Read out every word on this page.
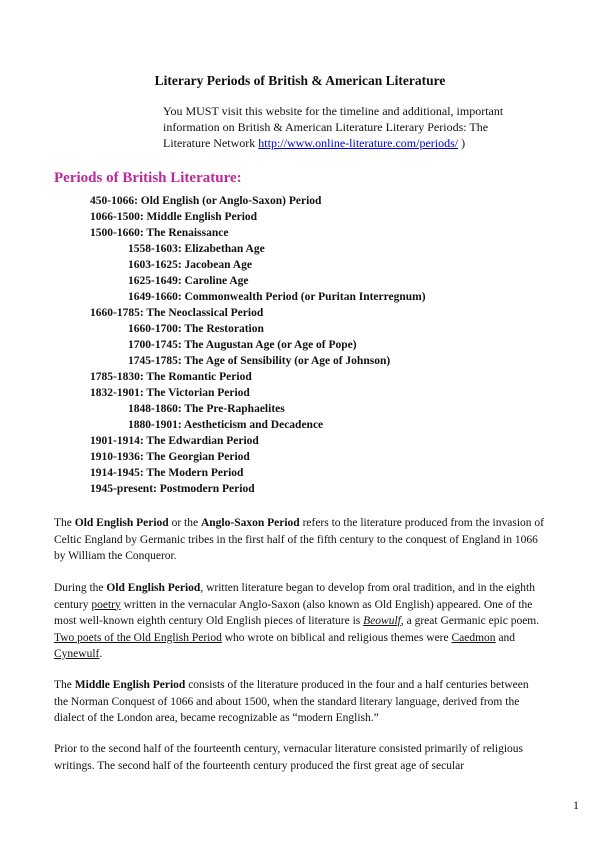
Literary Periods of British & American Literature
You MUST visit this website for the timeline and additional, important information on British & American Literature Literary Periods: The Literature Network http://www.online-literature.com/periods/ )
Periods of British Literature:
450-1066: Old English (or Anglo-Saxon) Period
1066-1500: Middle English Period
1500-1660: The Renaissance
1558-1603: Elizabethan Age
1603-1625: Jacobean Age
1625-1649: Caroline Age
1649-1660: Commonwealth Period (or Puritan Interregnum)
1660-1785: The Neoclassical Period
1660-1700: The Restoration
1700-1745: The Augustan Age (or Age of Pope)
1745-1785: The Age of Sensibility (or Age of Johnson)
1785-1830: The Romantic Period
1832-1901: The Victorian Period
1848-1860: The Pre-Raphaelites
1880-1901: Aestheticism and Decadence
1901-1914: The Edwardian Period
1910-1936: The Georgian Period
1914-1945: The Modern Period
1945-present: Postmodern Period

The Old English Period or the Anglo-Saxon Period refers to the literature produced from the invasion of Celtic England by Germanic tribes in the first half of the fifth century to the conquest of England in 1066 by William the Conqueror.

During the Old English Period, written literature began to develop from oral tradition, and in the eighth century poetry written in the vernacular Anglo-Saxon (also known as Old English) appeared. One of the most well-known eighth century Old English pieces of literature is Beowulf, a great Germanic epic poem. Two poets of the Old English Period who wrote on biblical and religious themes were Caedmon and Cynewulf.

The Middle English Period consists of the literature produced in the four and a half centuries between the Norman Conquest of 1066 and about 1500, when the standard literary language, derived from the dialect of the London area, became recognizable as “modern English.”

Prior to the second half of the fourteenth century, vernacular literature consisted primarily of religious writings. The second half of the fourteenth century produced the first great age of secular

1
